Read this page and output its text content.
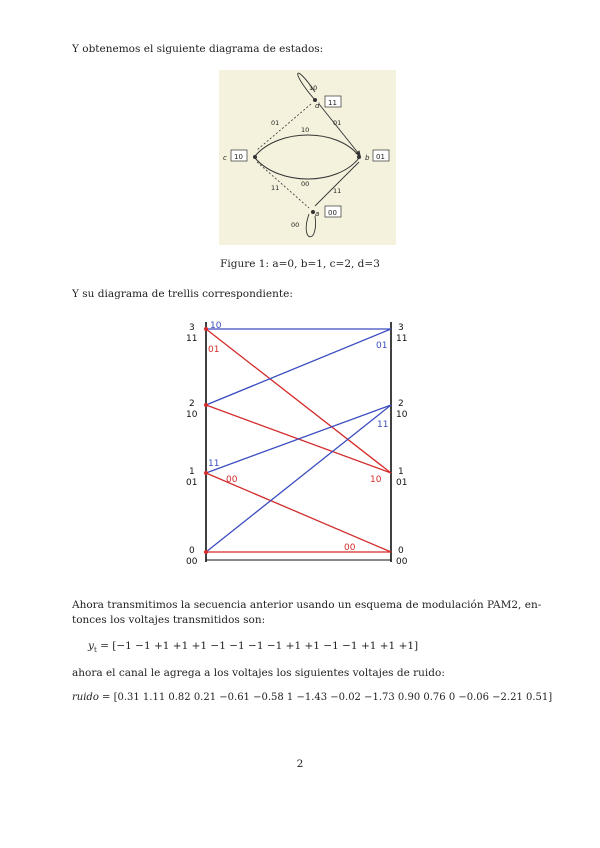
Y obtenemos el siguiente diagrama de estados:

d 11
c 10	b 01
a 00
10
01	01
10
11	00
11
00
Figure 1: a=0, b=1, c=2, d=3

Y su diagrama de trellis correspondiente:

3
11
2
10
1
01
0
00
3
11
2
10
1
01
0
00
10
01	01
11
11
00	10
00

Ahora transmitimos la secuencia anterior usando un esquema de modulación PAM2, en-

tonces los voltajes transmitidos son:

$y_t = [-1 -1 +1 +1 +1 -1 -1 -1 -1 +1 +1 -1 -1 +1 +1 +1]$

ahora el canal le agrega a los voltajes los siguientes voltajes de ruido:

ruido = [0.31 1.11 0.82 0.21 −0.61 −0.58 1 −1.43 −0.02 −1.73 0.90 0.76 0 −0.06 −2.21 0.51]
2
